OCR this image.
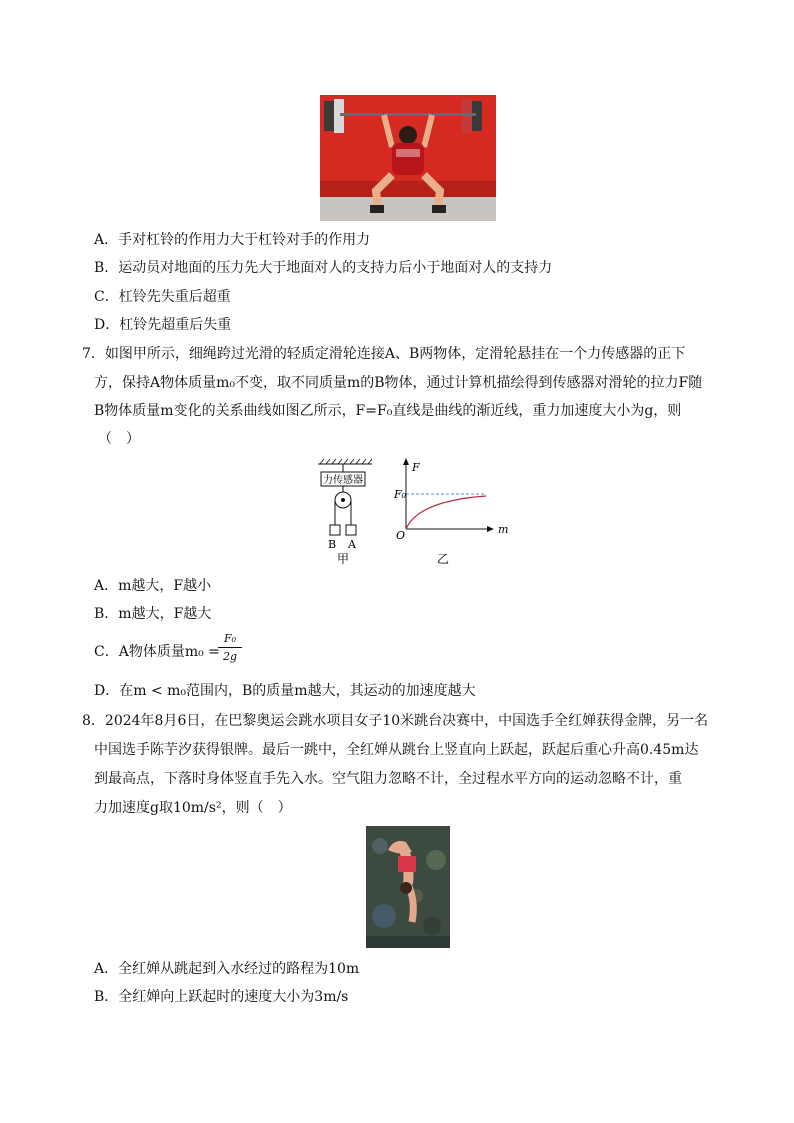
A．手对杠铃的作用力大于杠铃对手的作用力
B．运动员对地面的压力先大于地面对人的支持力后小于地面对人的支持力
C．杠铃先失重后超重
D．杠铃先超重后失重
7．如图甲所示，细绳跨过光滑的轻质定滑轮连接A、B两物体，定滑轮悬挂在一个力传感器的正下
方，保持A物体质量m₀不变，取不同质量m的B物体，通过计算机描绘得到传感器对滑轮的拉力F随
B物体质量m变化的关系曲线如图乙所示，F=F₀直线是曲线的渐近线，重力加速度大小为g，则
（　）
力传感器
B A
甲
F
m
F₀
O
乙
A．m越大，F越小
B．m越大，F越大
C．A物体质量m₀ =
$\frac{\text{F₀}}{2g}$
D．在m < m₀范围内，B的质量m越大，其运动的加速度越大
8．2024年8月6日，在巴黎奥运会跳水项目女子10米跳台决赛中，中国选手全红婵获得金牌，另一名
中国选手陈芋汐获得银牌。最后一跳中，全红婵从跳台上竖直向上跃起，跃起后重心升高0.45m达
到最高点，下落时身体竖直手先入水。空气阻力忽略不计，全过程水平方向的运动忽略不计，重
力加速度g取10m/s²，则（　）
A．全红婵从跳起到入水经过的路程为10m
B．全红婵向上跃起时的速度大小为3m/s
